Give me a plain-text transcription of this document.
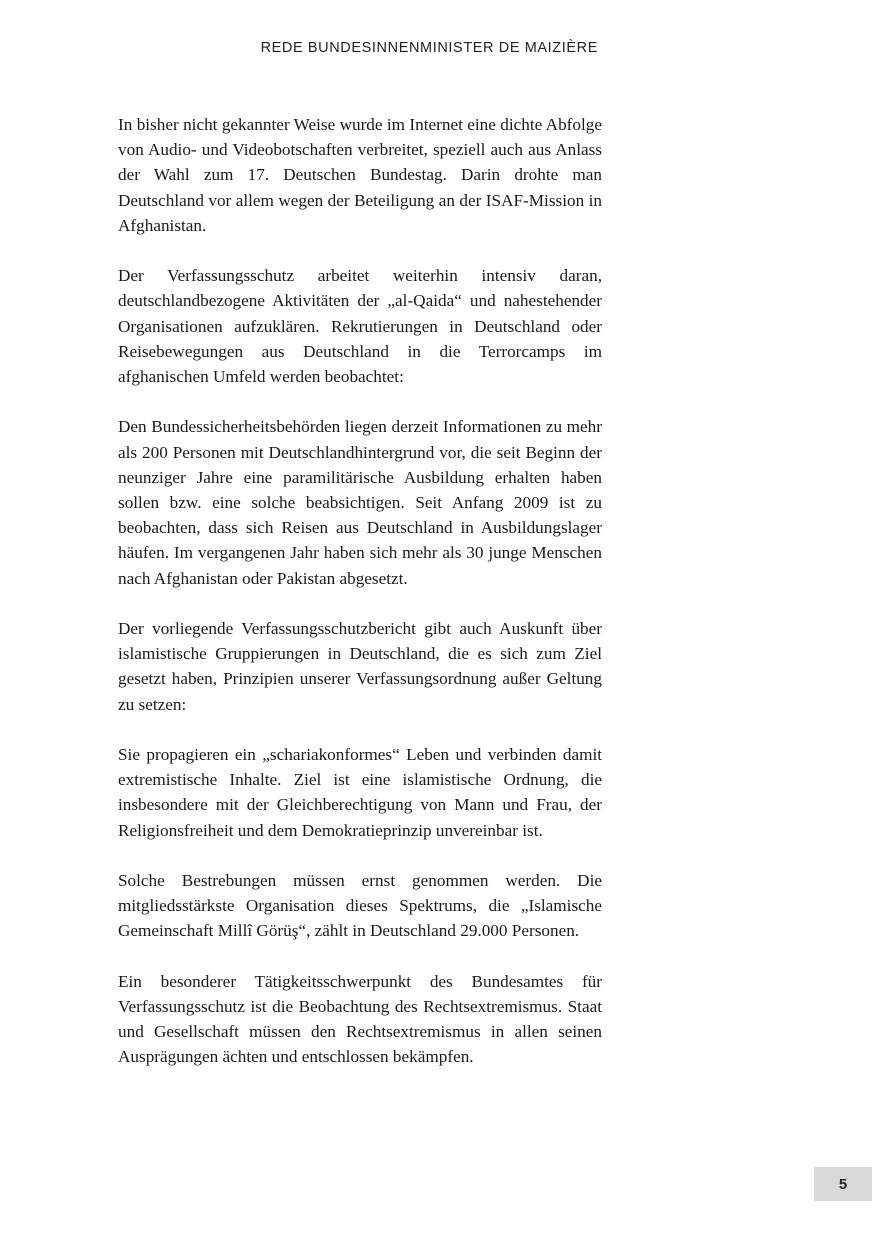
REDE BUNDESINNENMINISTER DE MAIZIÈRE

In bisher nicht gekannter Weise wurde im Internet eine dichte Abfolge von Audio- und Videobotschaften verbreitet, speziell auch aus Anlass der Wahl zum 17. Deutschen Bundestag. Darin drohte man Deutschland vor allem wegen der Beteiligung an der ISAF-Mission in Afghanistan.

Der Verfassungsschutz arbeitet weiterhin intensiv daran, deutschlandbezogene Aktivitäten der „al-Qaida“ und nahestehender Organisationen aufzuklären. Rekrutierungen in Deutschland oder Reisebewegungen aus Deutschland in die Terrorcamps im afghanischen Umfeld werden beobachtet:

Den Bundessicherheitsbehörden liegen derzeit Informationen zu mehr als 200 Personen mit Deutschlandhintergrund vor, die seit Beginn der neunziger Jahre eine paramilitärische Ausbildung erhalten haben sollen bzw. eine solche beabsichtigen. Seit Anfang 2009 ist zu beobachten, dass sich Reisen aus Deutschland in Ausbildungslager häufen. Im vergangenen Jahr haben sich mehr als 30 junge Menschen nach Afghanistan oder Pakistan abgesetzt.

Der vorliegende Verfassungsschutzbericht gibt auch Auskunft über islamistische Gruppierungen in Deutschland, die es sich zum Ziel gesetzt haben, Prinzipien unserer Verfassungsordnung außer Geltung zu setzen:

Sie propagieren ein „schariakonformes“ Leben und verbinden damit extremistische Inhalte. Ziel ist eine islamistische Ordnung, die insbesondere mit der Gleichberechtigung von Mann und Frau, der Religionsfreiheit und dem Demokratieprinzip unvereinbar ist.

Solche Bestrebungen müssen ernst genommen werden. Die mitgliedsstärkste Organisation dieses Spektrums, die „Islamische Gemeinschaft Millî Görüş“, zählt in Deutschland 29.000 Personen.

Ein besonderer Tätigkeitsschwerpunkt des Bundesamtes für Verfassungsschutz ist die Beobachtung des Rechtsextremismus. Staat und Gesellschaft müssen den Rechtsextremismus in allen seinen Ausprägungen ächten und entschlossen bekämpfen.

5
